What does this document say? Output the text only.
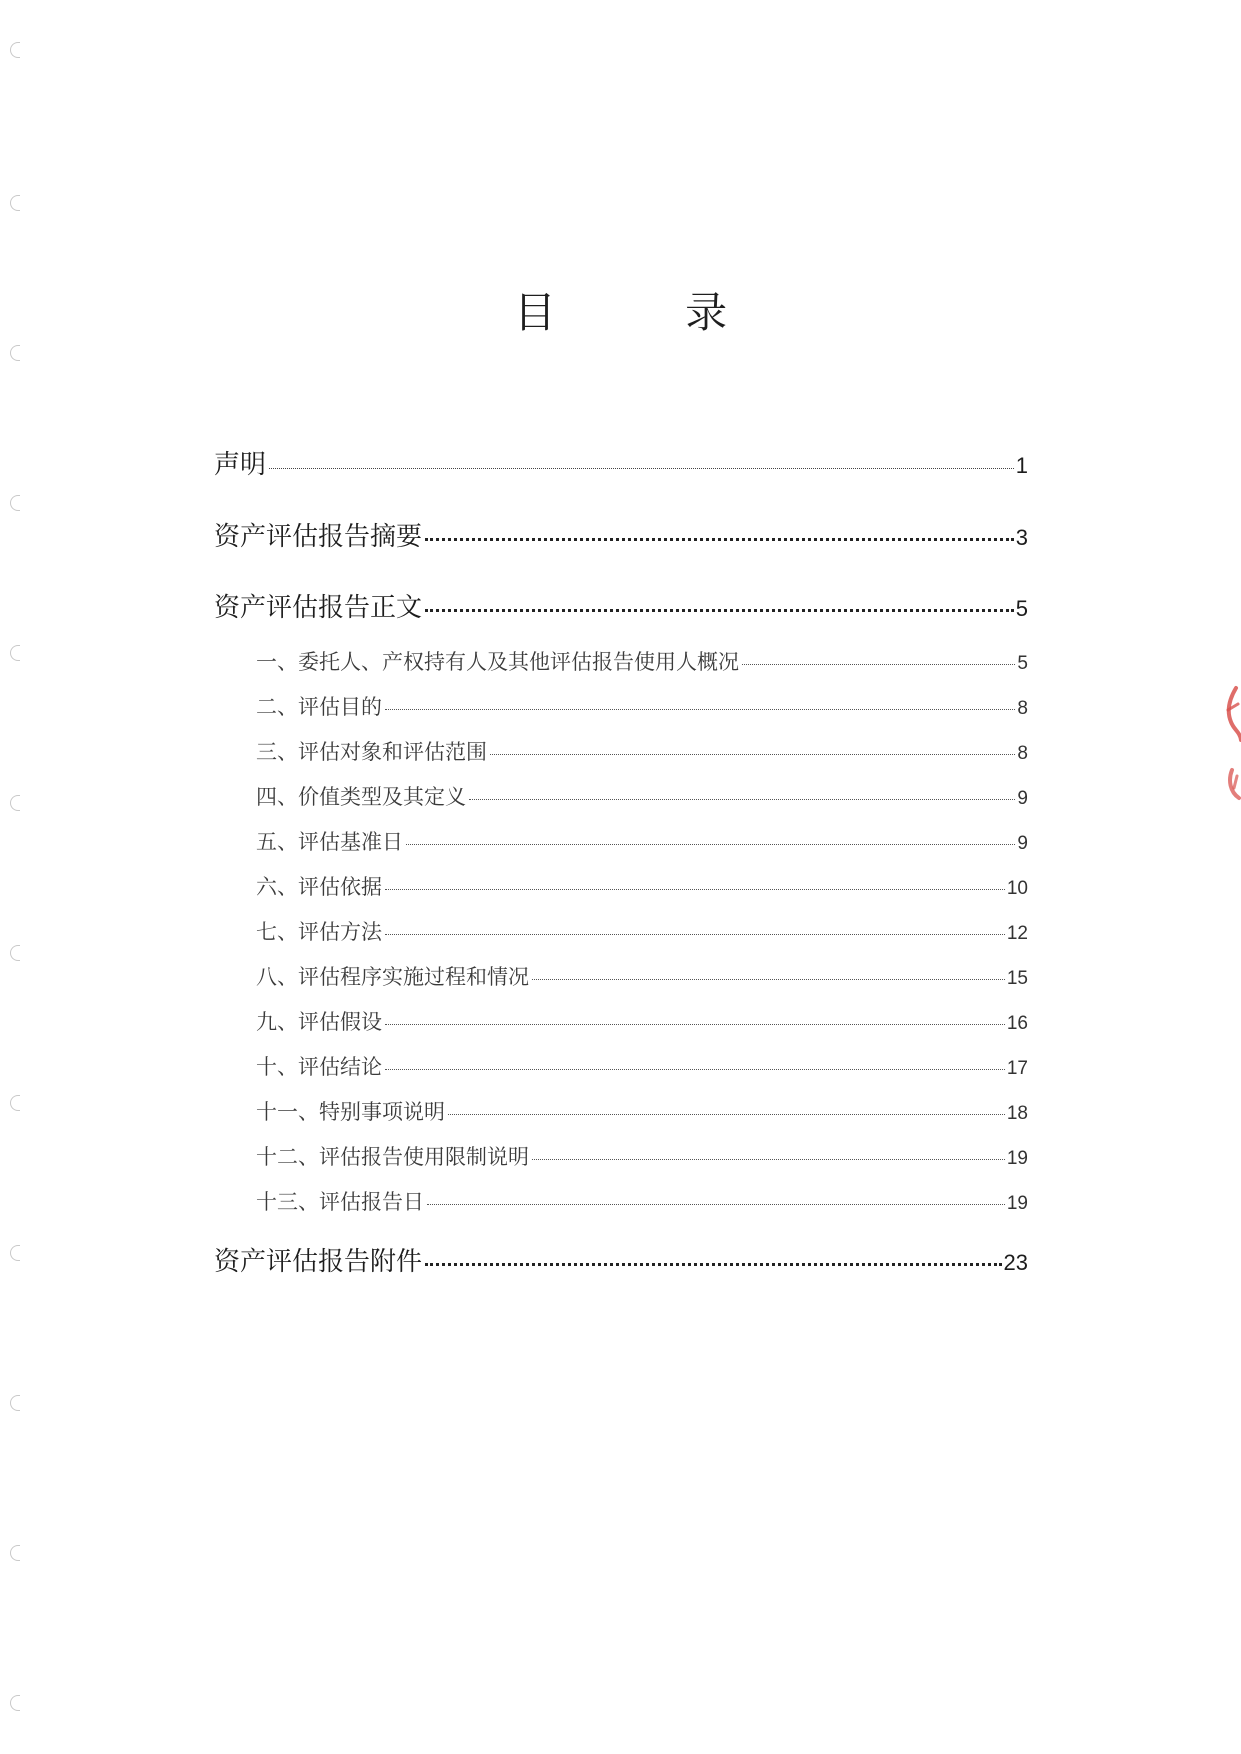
目 录
声明	1
资产评估报告摘要	3
资产评估报告正文	5
一、委托人、产权持有人及其他评估报告使用人概况	5
二、评估目的	8
三、评估对象和评估范围	8
四、价值类型及其定义	9
五、评估基准日	9
六、评估依据	10
七、评估方法	12
八、评估程序实施过程和情况	15
九、评估假设	16
十、评估结论	17
十一、特别事项说明	18
十二、评估报告使用限制说明	19
十三、评估报告日	19
资产评估报告附件	23
